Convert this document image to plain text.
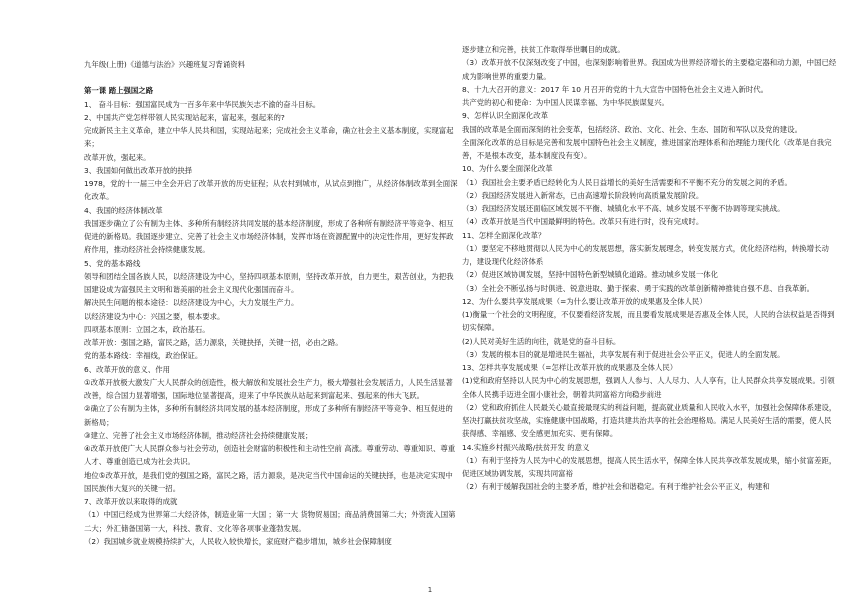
九年级(上册)《道德与法治》兴趣班复习背诵资料

第一课 踏上强国之路

1、 奋斗目标：强国富民成为一百多年来中华民族矢志不渝的奋斗目标。

2、中国共产党怎样带领人民实现站起来，富起来，强起来的?

完成新民主主义革命，建立中华人民共和国，实现站起来；完成社会主义革命，确立社会主义基本制度，实现富起来；

改革开放，强起来。

3、我国如何做出改革开放的抉择

1978，党的十一届三中全会开启了改革开放的历史征程；从农村到城市，从试点到推广，从经济体制改革到全面深化改革。

4、我国的经济体制改革

我国逐步确立了公有制为主体、多种所有制经济共同发展的基本经济制度，形成了各种所有制经济平等竞争、相互促进的新格局。我国逐步建立、完善了社会主义市场经济体制，发挥市场在资源配置中的决定性作用，更好发挥政府作用，推动经济社会持续健康发展。

5、党的基本路线

领导和团结全国各族人民，以经济建设为中心，坚持四项基本原则，坚持改革开放，自力更生，艰苦创业，为把我国建设成为富强民主文明和谐美丽的社会主义现代化强国而奋斗。

解决民生问题的根本途径：以经济建设为中心，大力发展生产力。

以经济建设为中心：兴国之要，根本要求。

四项基本原则：立国之本，政治基石。

改革开放：强国之路，富民之路，活力源泉，关键抉择，关键一招，必由之路。

党的基本路线：幸福线，政治保证。

6、改革开放的意义、作用

①改革开放极大激发广大人民群众的创造性，极大解放和发展社会生产力，极大增强社会发展活力，人民生活显著改善，综合国力显著增强，国际地位显著提高，迎来了中华民族从站起来到富起来、强起来的伟大飞跃。

②确立了公有制为主体，多种所有制经济共同发展的基本经济制度，形成了多种所有制经济平等竞争、相互促进的新格局；

③建立、完善了社会主义市场经济体制，推动经济社会持续健康发展；

④改革开放使广大人民群众参与社会劳动，创造社会财富的积极性和主动性空前 高涨。尊重劳动、尊重知识、尊重人才、尊重创造已成为社会共识。

地位⑤改革开放，是我们党的强国之路，富民之路，活力源泉，是决定当代中国命运的关键抉择，也是决定实现中国民族伟大复兴的关键一招。

7、改革开放以来取得的成就

（1）中国已经成为世界第二大经济体，制造业第一大国 ；第一大 货物贸易国；商品消费国第二大；外资流入国第二大；外汇储备国第一大，科技、教育、文化等各项事业蓬勃发展。

（2）我国城乡就业规模持续扩大，人民收入较快增长，家庭财产稳步增加，城乡社会保障制度

逐步建立和完善，扶贫工作取得举世瞩目的成就。

（3）改革开放不仅深刻改变了中国，也深刻影响着世界。我国成为世界经济增长的主要稳定器和动力源，中国已经成为影响世界的重要力量。

8、十九大召开的意义：2017 年 10 月召开的党的十九大宣告中国特色社会主义进入新时代。

共产党的初心和使命：为中国人民谋幸福、为中华民族谋复兴。

9、怎样认识全面深化改革

我国的改革是全面而深刻的社会变革，包括经济、政治、文化、社会、生态、国防和军队以及党的建设。

全面深化改革的总目标是完善和发展中国特色社会主义制度，推进国家治理体系和治理能力现代化（改革是自我完善，不是根本改变，基本制度没有变）。

10、为什么要全面深化改革

（1）我国社会主要矛盾已经转化为人民日益增长的美好生活需要和不平衡不充分的发展之间的矛盾。

（2）我国经济发展进入新常态，已由高速增长阶段转向高质量发展阶段。

（3）我国经济发展还面临区域发展不平衡、城镇化水平不高、城乡发展不平衡不协调等现实挑战。

（4）改革开放是当代中国最鲜明的特色。改革只有进行时，没有完成时。

11、怎样全面深化改革？

（1）要坚定不移地贯彻以人民为中心的发展思想，落实新发展理念，转变发展方式，优化经济结构，转换增长动力，建设现代化经济体系

（2）促进区域协调发展，坚持中国特色新型城镇化道路。推动城乡发展一体化

（3）全社会不断弘扬与时俱进、锐意进取、勤于探索、勇于实践的改革创新精神推徙自强不息、自我革新。

12、为什么要共享发展成果（=为什么要让改革开放的成果惠及全体人民）

(1)衡量一个社会的文明程度，不仅要看经济发展，而且要看发展成果是否惠及全体人民，人民的合法权益是否得到切实保障。

(2)人民对美好生活的向往，就是党的奋斗目标。

（3）发展的根本目的就是增进民生福祉，共享发展有利于促进社会公平正义，促进人的全面发展。

13、怎样共享发展成果（=怎样让改革开放的成果惠及全体人民）

(1)党和政府坚持以人民为中心的发展思想，强调人人参与、人人尽力、人人享有，让人民群众共享发展成果。引领全体人民携手迈进全面小康社会，朝着共同富裕方向稳步前进

（2）党和政府抓住人民最关心最直接最现实的利益问题，提高就业质量和人民收入水平，加强社会保障体系建设，坚决打赢扶贫攻坚战，实施健康中国战略，打造共建共治共享的社会治理格局。满足人民美好生活的需要，使人民获得感、幸福感、安全感更加充实、更有保障。

14.实施乡村振兴战略/扶贫开发 的意义

（1）有利于坚持为人民为中心的发展思想，提高人民生活水平，保障全体人民共享改革发展成果，缩小贫富差距，促进区域协调发展，实现共同富裕

（2）有利于缓解我国社会的主要矛盾，维护社会和谐稳定。有利于维护社会公平正义，构建和

1
